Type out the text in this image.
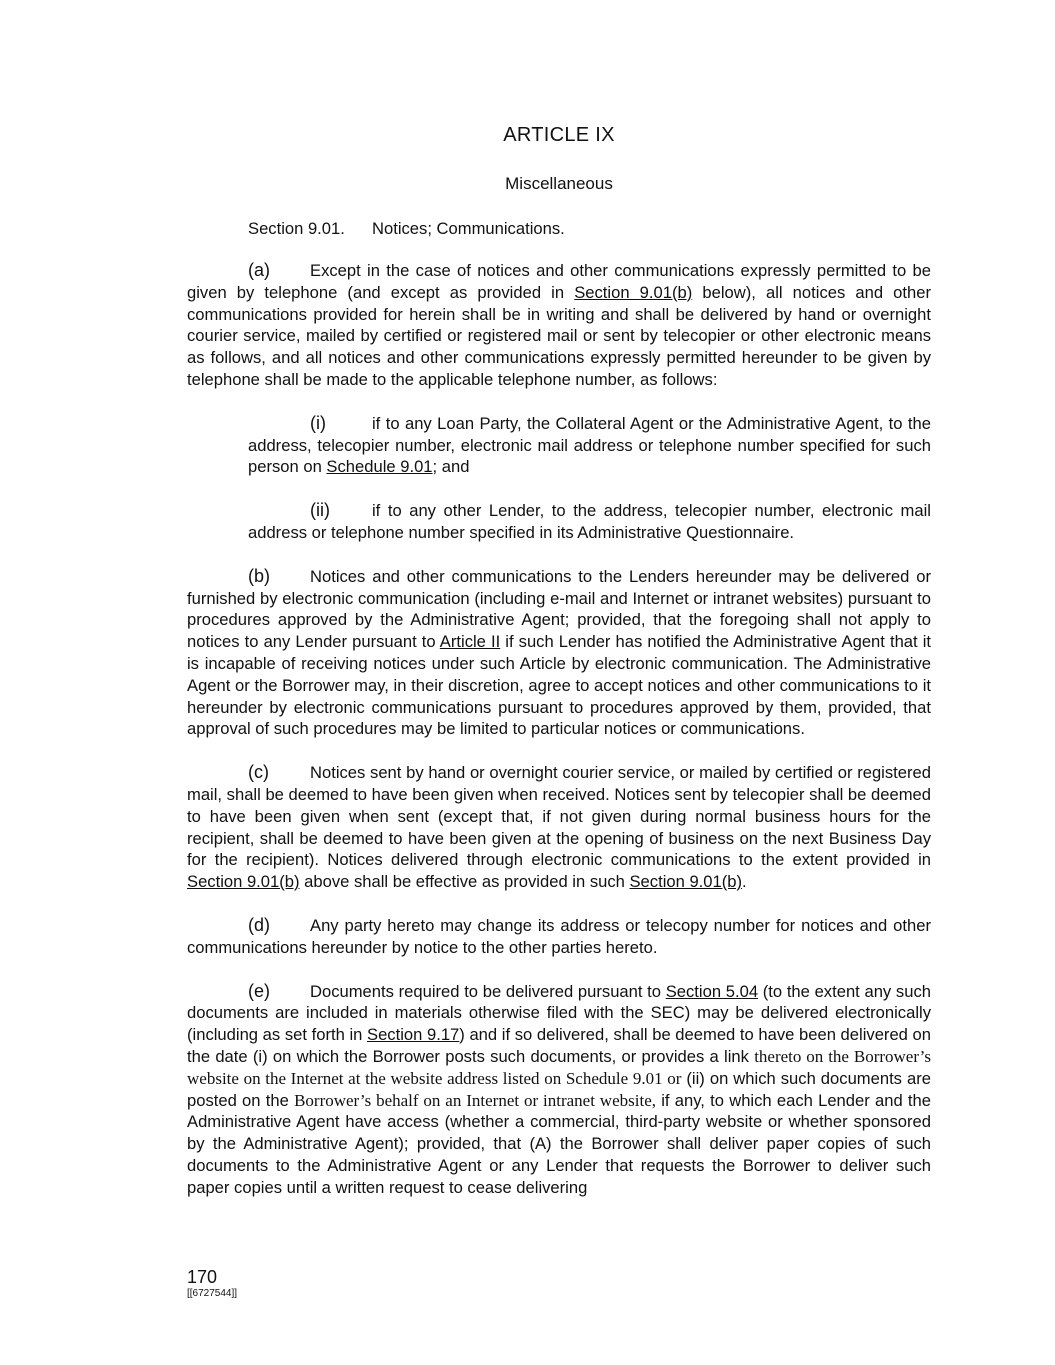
ARTICLE IX
Miscellaneous
Section 9.01. Notices; Communications.

(a) Except in the case of notices and other communications expressly permitted to be given by telephone (and except as provided in Section 9.01(b) below), all notices and other communications provided for herein shall be in writing and shall be delivered by hand or overnight courier service, mailed by certified or registered mail or sent by telecopier or other electronic means as follows, and all notices and other communications expressly permitted hereunder to be given by telephone shall be made to the applicable telephone number, as follows:

(i)	if to any Loan Party, the Collateral Agent or the Administrative Agent, to the address, telecopier number, electronic mail address or telephone number specified for such person on Schedule 9.01; and

(ii)	if to any other Lender, to the address, telecopier number, electronic mail address or telephone number specified in its Administrative Questionnaire.

(b) Notices and other communications to the Lenders hereunder may be delivered or furnished by electronic communication (including e-mail and Internet or intranet websites) pursuant to procedures approved by the Administrative Agent; provided, that the foregoing shall not apply to notices to any Lender pursuant to Article II if such Lender has notified the Administrative Agent that it is incapable of receiving notices under such Article by electronic communication. The Administrative Agent or the Borrower may, in their discretion, agree to accept notices and other communications to it hereunder by electronic communications pursuant to procedures approved by them, provided, that approval of such procedures may be limited to particular notices or communications.

(c) Notices sent by hand or overnight courier service, or mailed by certified or registered mail, shall be deemed to have been given when received. Notices sent by telecopier shall be deemed to have been given when sent (except that, if not given during normal business hours for the recipient, shall be deemed to have been given at the opening of business on the next Business Day for the recipient). Notices delivered through electronic communications to the extent provided in Section 9.01(b) above shall be effective as provided in such Section 9.01(b).

(d) Any party hereto may change its address or telecopy number for notices and other communications hereunder by notice to the other parties hereto.

(e) Documents required to be delivered pursuant to Section 5.04 (to the extent any such documents are included in materials otherwise filed with the SEC) may be delivered electronically (including as set forth in Section 9.17) and if so delivered, shall be deemed to have been delivered on the date (i) on which the Borrower posts such documents, or provides a link thereto on the Borrower’s website on the Internet at the website address listed on Schedule 9.01 or (ii) on which such documents are posted on the Borrower’s behalf on an Internet or intranet website, if any, to which each Lender and the Administrative Agent have access (whether a commercial, third-party website or whether sponsored by the Administrative Agent); provided, that (A) the Borrower shall deliver paper copies of such documents to the Administrative Agent or any Lender that requests the Borrower to deliver such paper copies until a written request to cease delivering

170
[[6727544]]
